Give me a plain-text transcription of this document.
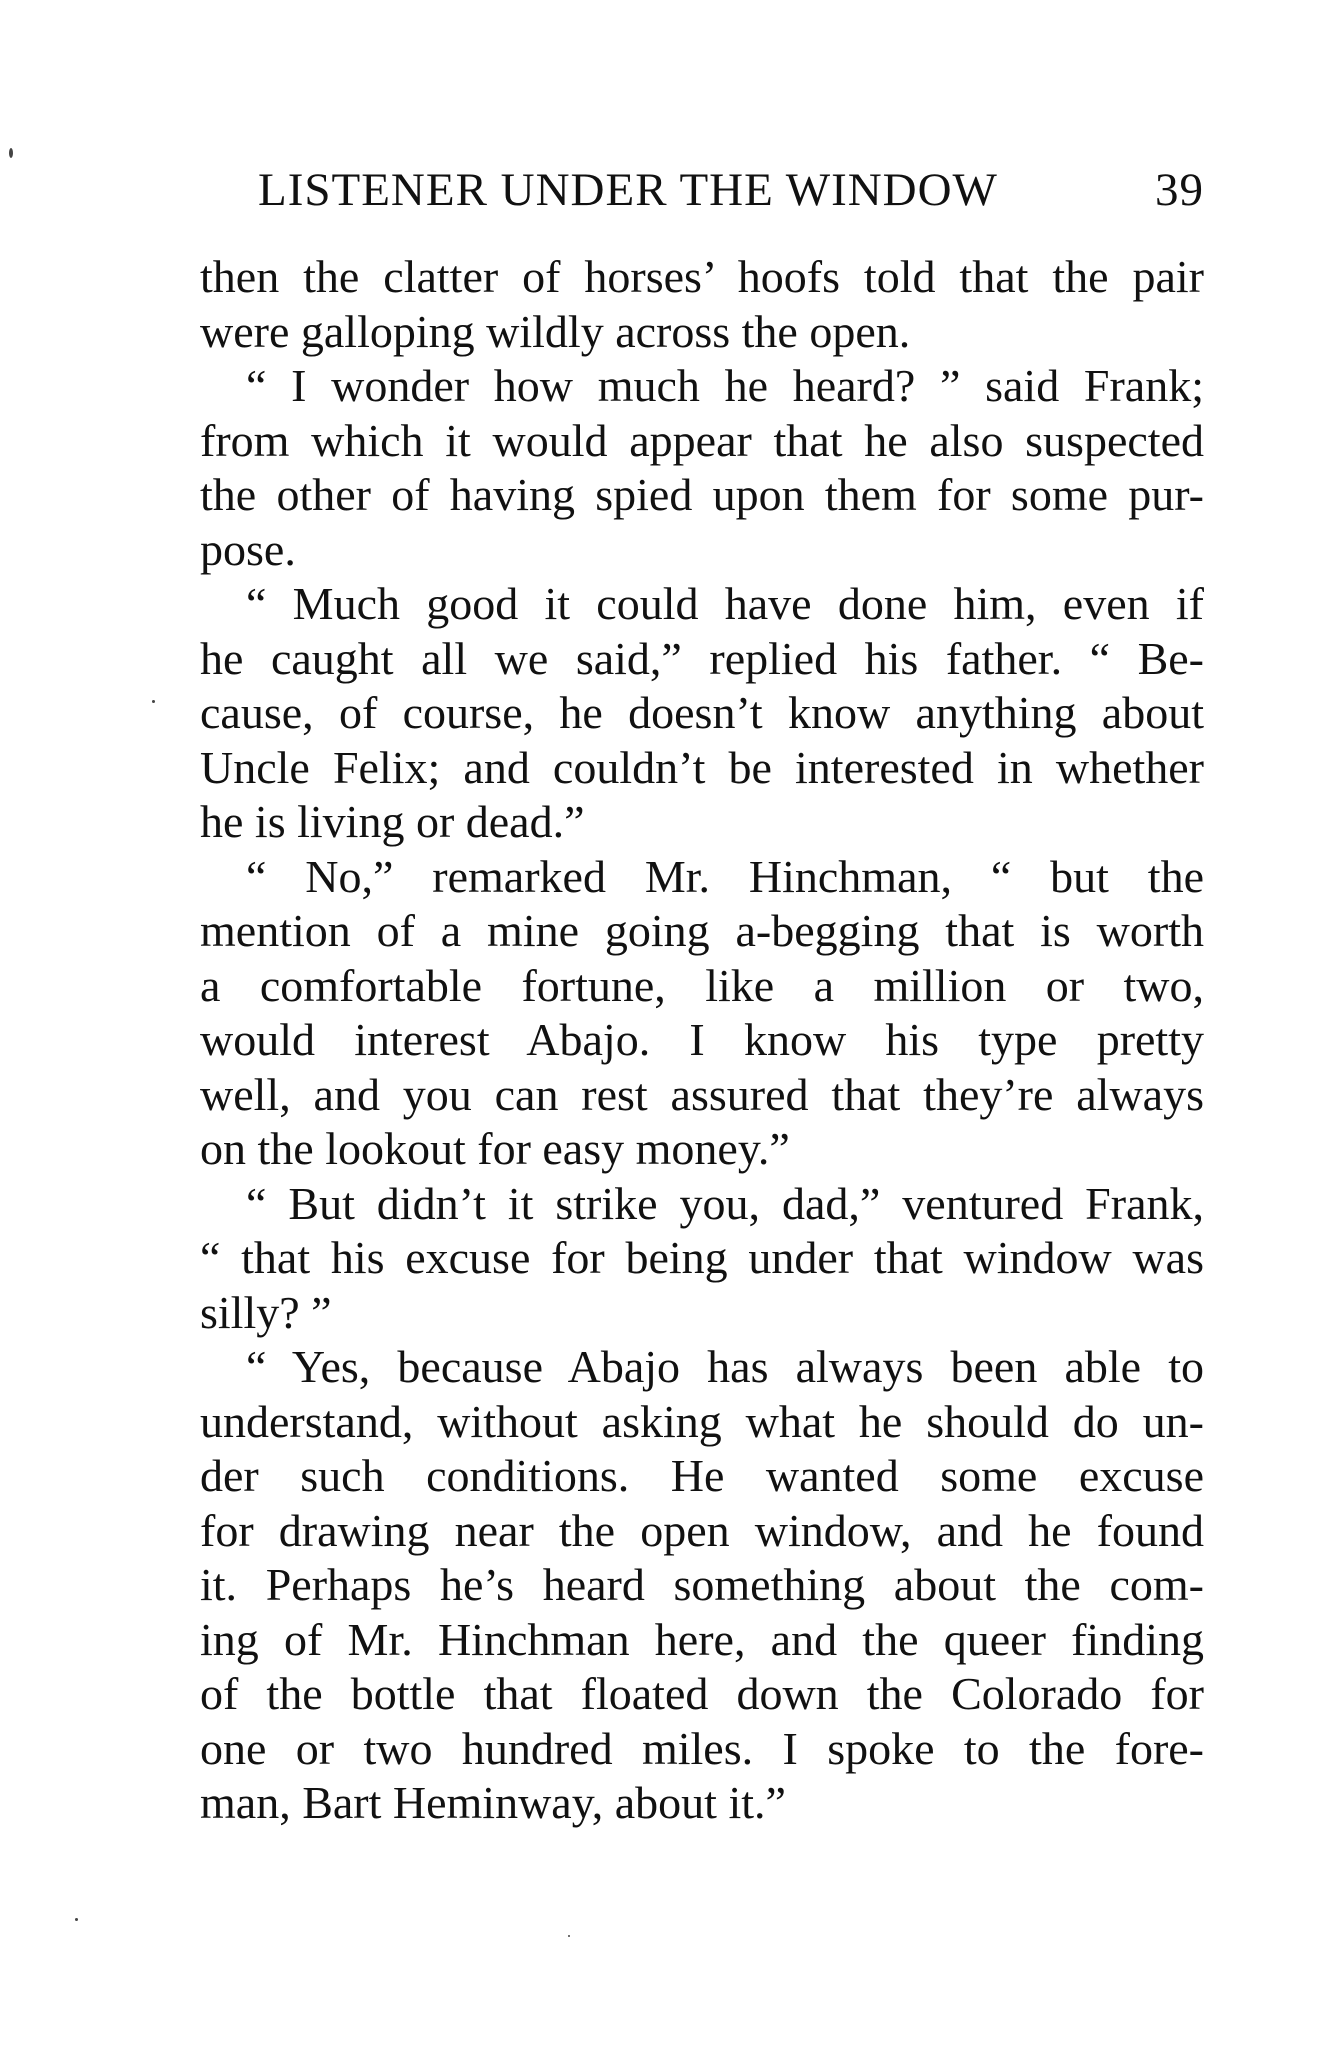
LISTENER UNDER THE WINDOW	39
then the clatter of horses’ hoofs told that the pair
were galloping wildly across the open.
“ I wonder how much he heard? ” said Frank;
from which it would appear that he also suspected
the other of having spied upon them for some pur-
pose.
“ Much good it could have done him, even if
he caught all we said,” replied his father. “ Be-
cause, of course, he doesn’t know anything about
Uncle Felix; and couldn’t be interested in whether
he is living or dead.”
“ No,” remarked Mr. Hinchman, “ but the
mention of a mine going a-begging that is worth
a comfortable fortune, like a million or two,
would interest Abajo. I know his type pretty
well, and you can rest assured that they’re always
on the lookout for easy money.”
“ But didn’t it strike you, dad,” ventured Frank,
“ that his excuse for being under that window was
silly? ”
“ Yes, because Abajo has always been able to
understand, without asking what he should do un-
der such conditions. He wanted some excuse
for drawing near the open window, and he found
it. Perhaps he’s heard something about the com-
ing of Mr. Hinchman here, and the queer finding
of the bottle that floated down the Colorado for
one or two hundred miles. I spoke to the fore-
man, Bart Heminway, about it.”
